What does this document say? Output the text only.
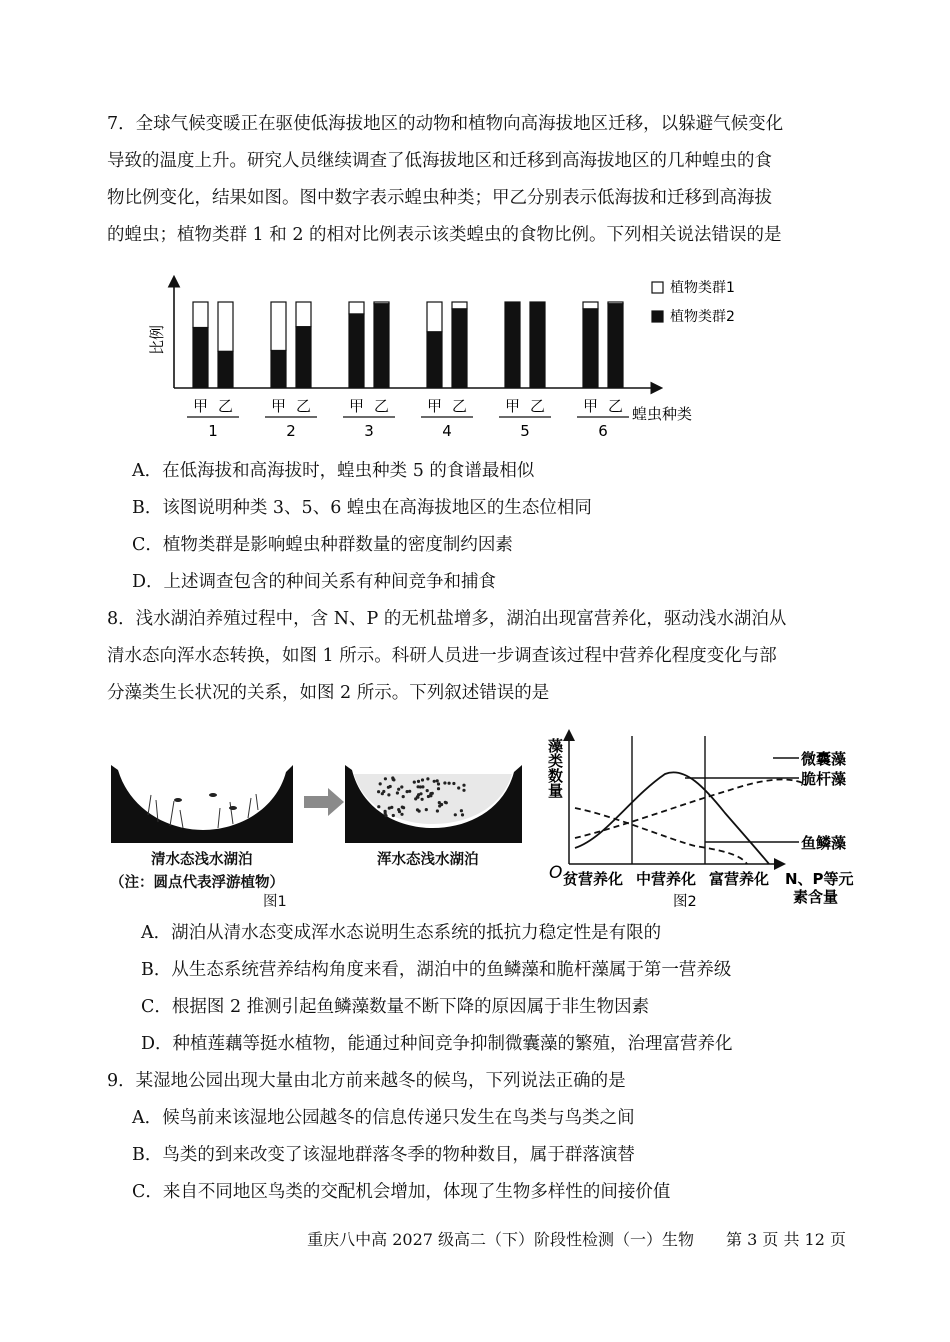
7．全球气候变暖正在驱使低海拔地区的动物和植物向高海拔地区迁移，以躲避气候变化
导致的温度上升。研究人员继续调查了低海拔地区和迁移到高海拔地区的几种蝗虫的食
物比例变化，结果如图。图中数字表示蝗虫种类；甲乙分别表示低海拔和迁移到高海拔
的蝗虫；植物类群 1 和 2 的相对比例表示该类蝗虫的食物比例。下列相关说法错误的是
比例
蝗虫种类
甲 乙
1
甲 乙
2
甲 乙
3
甲 乙
4
甲 乙
5
甲 乙
6
植物类群1
植物类群2
A．在低海拔和高海拔时，蝗虫种类 5 的食谱最相似
B．该图说明种类 3、5、6 蝗虫在高海拔地区的生态位相同
C．植物类群是影响蝗虫种群数量的密度制约因素
D．上述调查包含的种间关系有种间竞争和捕食
8．浅水湖泊养殖过程中，含 N、P 的无机盐增多，湖泊出现富营养化，驱动浅水湖泊从
清水态向浑水态转换，如图 1 所示。科研人员进一步调查该过程中营养化程度变化与部
分藻类生长状况的关系，如图 2 所示。下列叙述错误的是
清水态浅水湖泊
（注：圆点代表浮游植物）
浑水态浅水湖泊
图1
藻类数量
O 贫营养化 中营养化 富营养化 N、P等元
素含量
微囊藻
脆杆藻
鱼鳞藻
图2
A．湖泊从清水态变成浑水态说明生态系统的抵抗力稳定性是有限的
B．从生态系统营养结构角度来看，湖泊中的鱼鳞藻和脆杆藻属于第一营养级
C．根据图 2 推测引起鱼鳞藻数量不断下降的原因属于非生物因素
D．种植莲藕等挺水植物，能通过种间竞争抑制微囊藻的繁殖，治理富营养化
9．某湿地公园出现大量由北方前来越冬的候鸟，下列说法正确的是
A．候鸟前来该湿地公园越冬的信息传递只发生在鸟类与鸟类之间
B．鸟类的到来改变了该湿地群落冬季的物种数目，属于群落演替
C．来自不同地区鸟类的交配机会增加，体现了生物多样性的间接价值
重庆八中高 2027 级高二（下）阶段性检测（一）生物　　第 3 页 共 12 页
